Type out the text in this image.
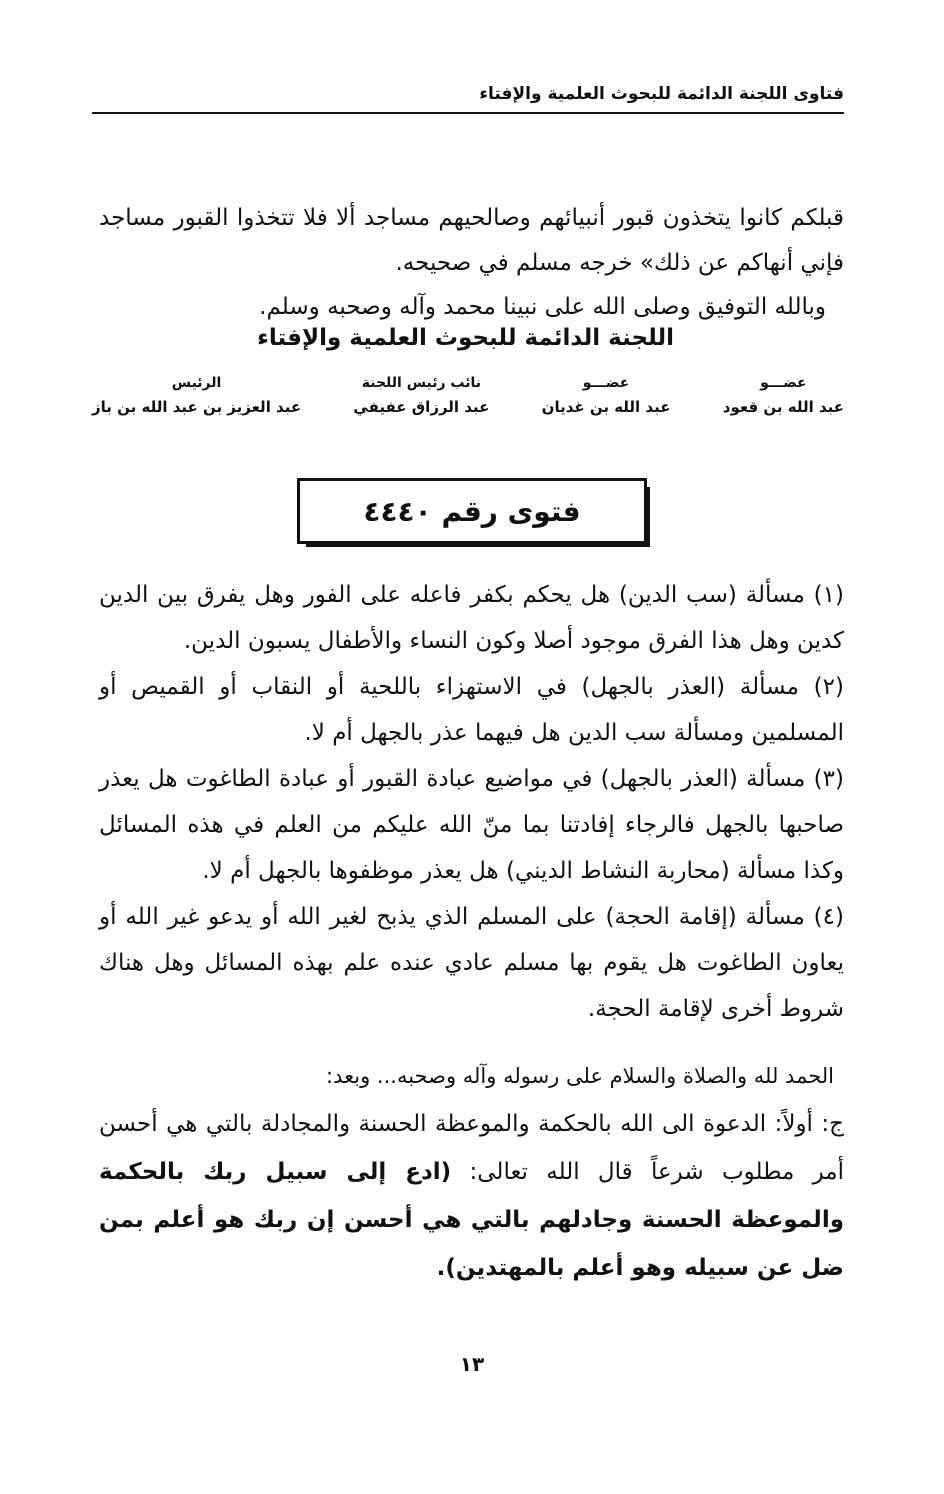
فتاوى اللجنة الدائمة للبحوث العلمية والإفتاء
قبلكم كانوا يتخذون قبور أنبيائهم وصالحيهم مساجد ألا فلا تتخذوا القبور مساجد فإني أنهاكم عن ذلك» خرجه مسلم في صحيحه.
وبالله التوفيق وصلى الله على نبينا محمد وآله وصحبه وسلم.
اللجنة الدائمة للبحوث العلمية والإفتاء
الرئيس
عبد العزيز بن عبد الله بن باز
نائب رئيس اللجنة
عبد الرزاق عفيفي
عضـــو
عبد الله بن غديان
عضـــو
عبد الله بن قعود
فتوى رقم ٤٤٤٠

(١) مسألة (سب الدين) هل يحكم بكفر فاعله على الفور وهل يفرق بين الدين كدين وهل هذا الفرق موجود أصلا وكون النساء والأطفال يسبون الدين.

(٢) مسألة (العذر بالجهل) في الاستهزاء باللحية أو النقاب أو القميص أو المسلمين ومسألة سب الدين هل فيهما عذر بالجهل أم لا.

(٣) مسألة (العذر بالجهل) في مواضيع عبادة القبور أو عبادة الطاغوت هل يعذر صاحبها بالجهل فالرجاء إفادتنا بما منّ الله عليكم من العلم في هذه المسائل وكذا مسألة (محاربة النشاط الديني) هل يعذر موظفوها بالجهل أم لا.

(٤) مسألة (إقامة الحجة) على المسلم الذي يذبح لغير الله أو يدعو غير الله أو يعاون الطاغوت هل يقوم بها مسلم عادي عنده علم بهذه المسائل وهل هناك شروط أخرى لإقامة الحجة.

الحمد لله والصلاة والسلام على رسوله وآله وصحبه... وبعد:

ج: أولاً: الدعوة الى الله بالحكمة والموعظة الحسنة والمجادلة بالتي هي أحسن أمر مطلوب شرعاً قال الله تعالى: (ادع إلى سبيل ربك بالحكمة والموعظة الحسنة وجادلهم بالتي هي أحسن إن ربك هو أعلم بمن ضل عن سبيله وهو أعلم بالمهتدين).

١٣
